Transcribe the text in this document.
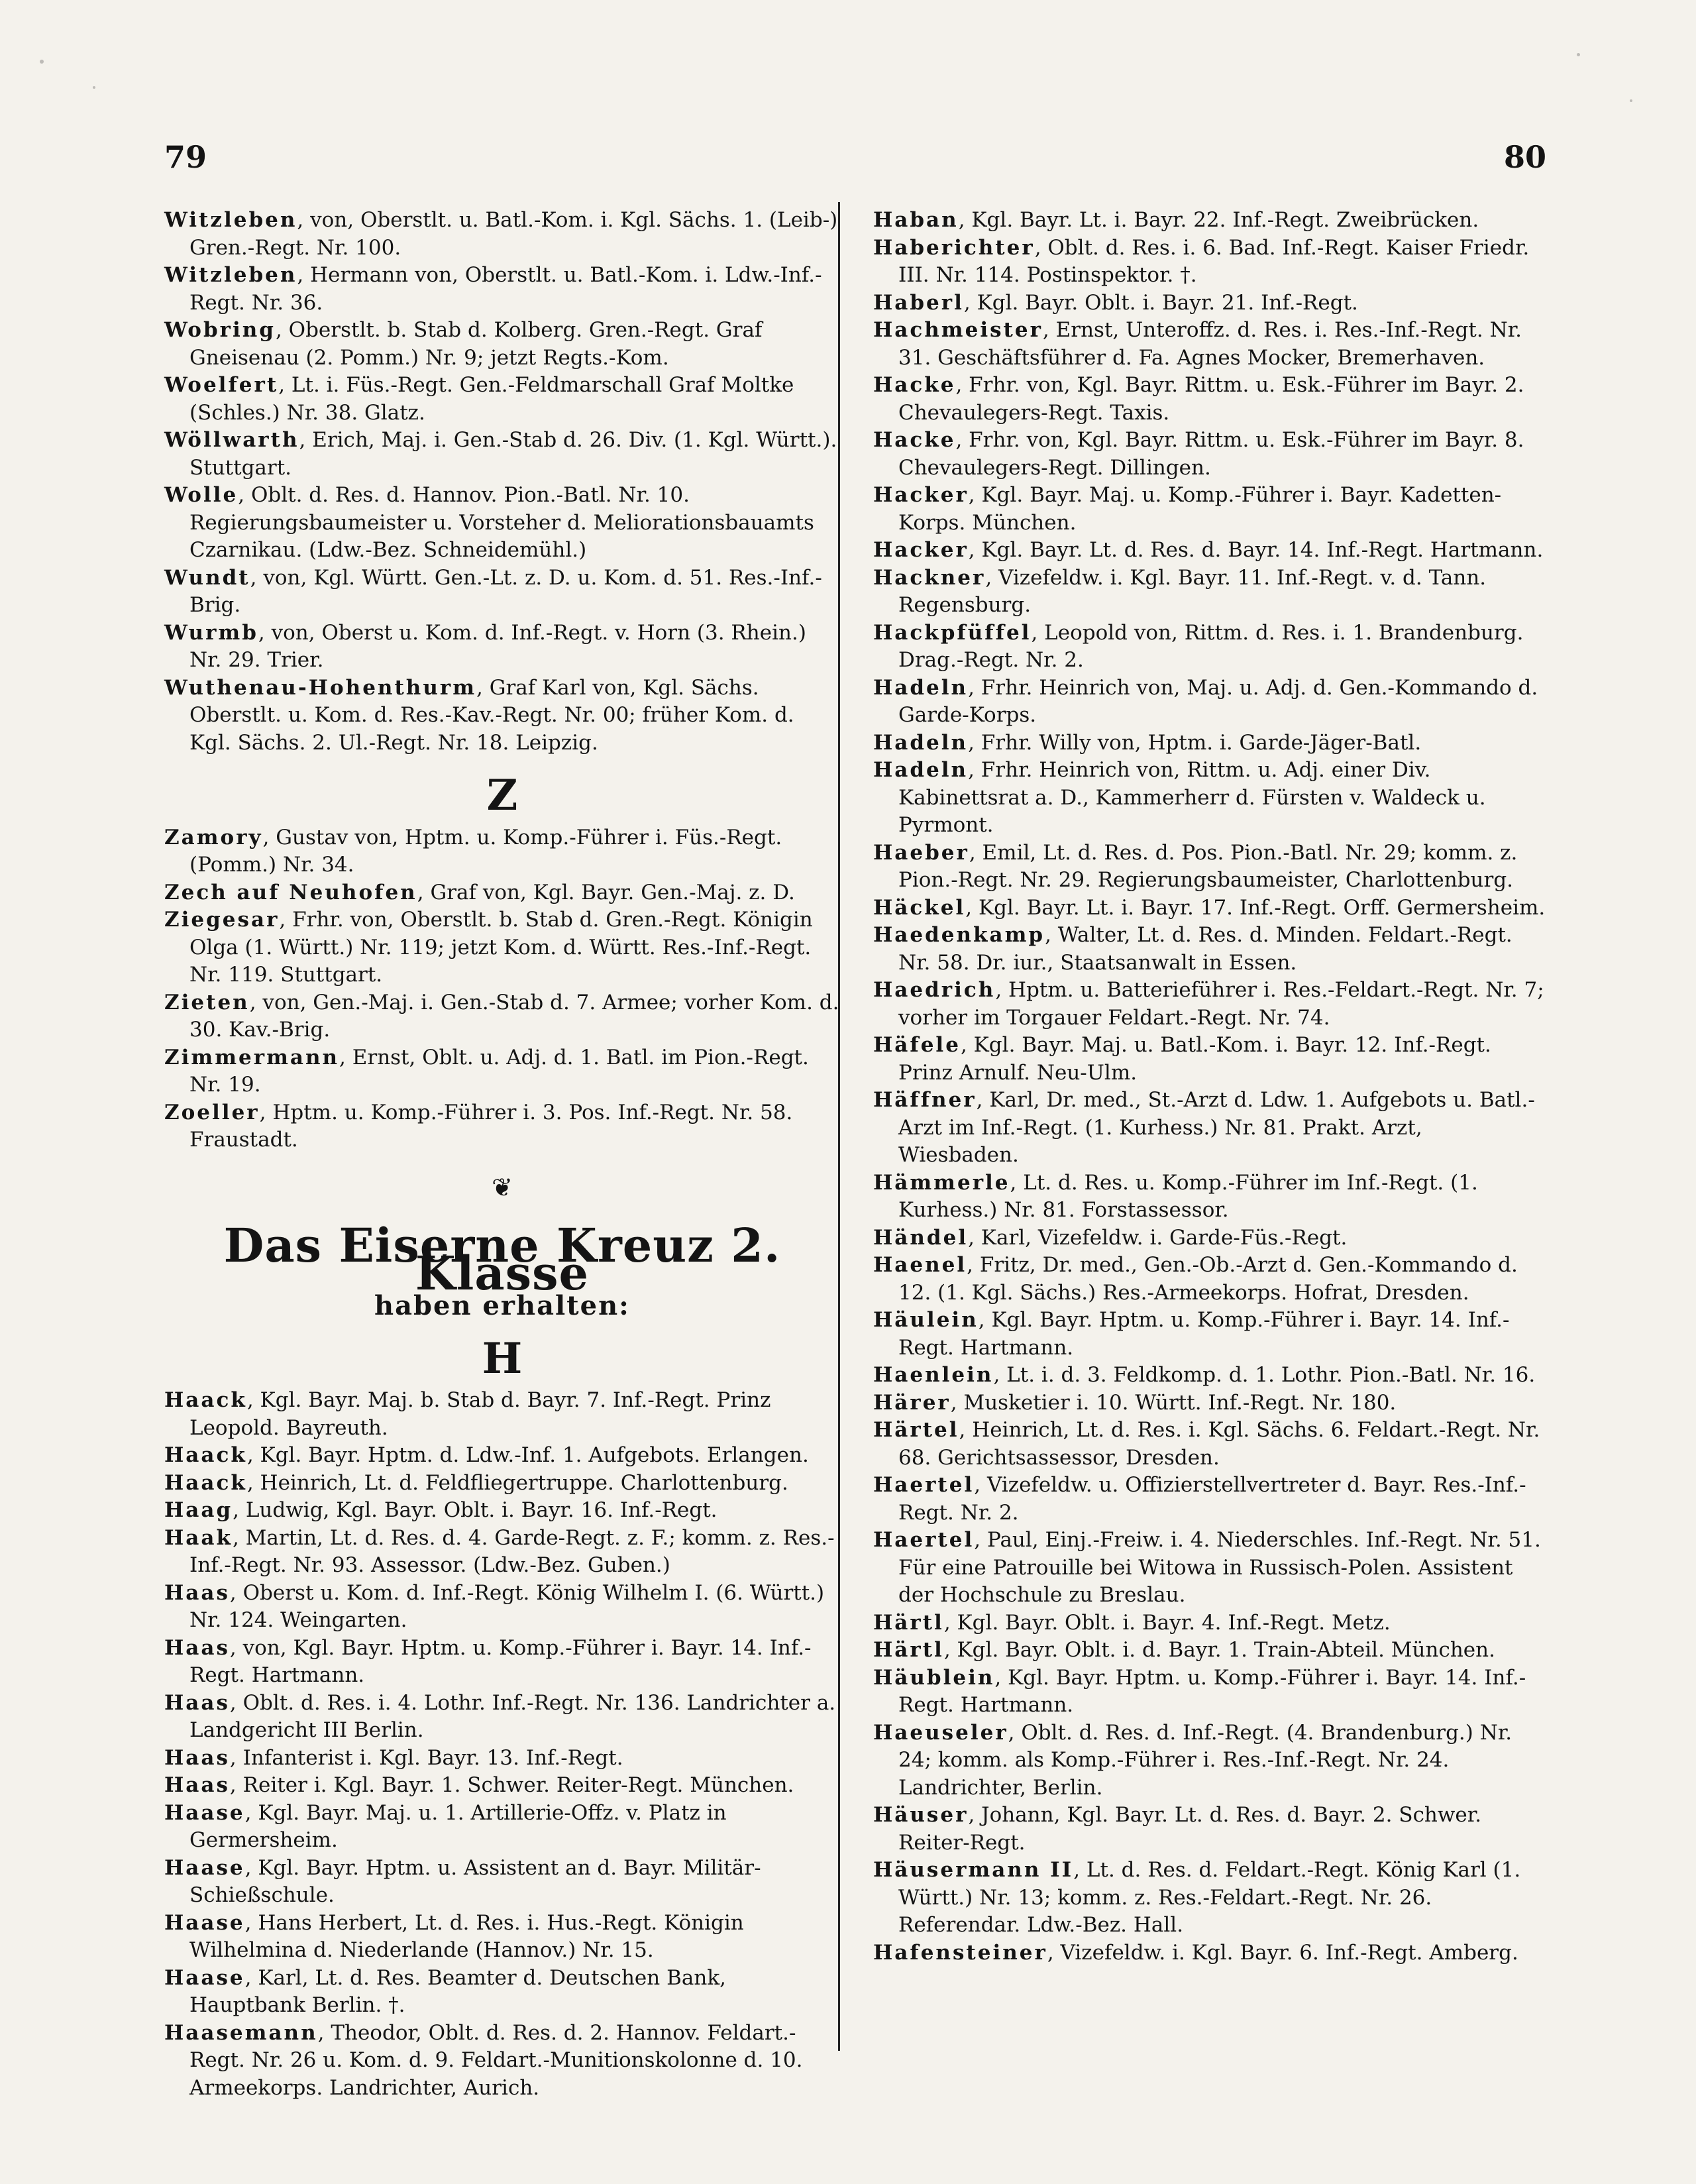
79	80

Witzleben, von, Oberstlt. u. Batl.-Kom. i. Kgl. Sächs. 1. (Leib-) Gren.-Regt. Nr. 100.

Witzleben, Hermann von, Oberstlt. u. Batl.-Kom. i. Ldw.-Inf.-Regt. Nr. 36.

Wobring, Oberstlt. b. Stab d. Kolberg. Gren.-Regt. Graf Gneisenau (2. Pomm.) Nr. 9; jetzt Regts.-Kom.

Woelfert, Lt. i. Füs.-Regt. Gen.-Feldmarschall Graf Moltke (Schles.) Nr. 38. Glatz.

Wöllwarth, Erich, Maj. i. Gen.-Stab d. 26. Div. (1. Kgl. Württ.). Stuttgart.

Wolle, Oblt. d. Res. d. Hannov. Pion.-Batl. Nr. 10. Regierungsbaumeister u. Vorsteher d. Meliorationsbauamts Czarnikau. (Ldw.-Bez. Schneidemühl.)

Wundt, von, Kgl. Württ. Gen.-Lt. z. D. u. Kom. d. 51. Res.-Inf.-Brig.

Wurmb, von, Oberst u. Kom. d. Inf.-Regt. v. Horn (3. Rhein.) Nr. 29. Trier.

Wuthenau-Hohenthurm, Graf Karl von, Kgl. Sächs. Oberstlt. u. Kom. d. Res.-Kav.-Regt. Nr. 00; früher Kom. d. Kgl. Sächs. 2. Ul.-Regt. Nr. 18. Leipzig.

Z

Zamory, Gustav von, Hptm. u. Komp.-Führer i. Füs.-Regt. (Pomm.) Nr. 34.

Zech auf Neuhofen, Graf von, Kgl. Bayr. Gen.-Maj. z. D.

Ziegesar, Frhr. von, Oberstlt. b. Stab d. Gren.-Regt. Königin Olga (1. Württ.) Nr. 119; jetzt Kom. d. Württ. Res.-Inf.-Regt. Nr. 119. Stuttgart.

Zieten, von, Gen.-Maj. i. Gen.-Stab d. 7. Armee; vorher Kom. d. 30. Kav.-Brig.

Zimmermann, Ernst, Oblt. u. Adj. d. 1. Batl. im Pion.-Regt. Nr. 19.

Zoeller, Hptm. u. Komp.-Führer i. 3. Pos. Inf.-Regt. Nr. 58. Fraustadt.

❦
Das Eiserne Kreuz 2. Klasse
haben erhalten:
H

Haack, Kgl. Bayr. Maj. b. Stab d. Bayr. 7. Inf.-Regt. Prinz Leopold. Bayreuth.

Haack, Kgl. Bayr. Hptm. d. Ldw.-Inf. 1. Aufgebots. Erlangen.

Haack, Heinrich, Lt. d. Feldfliegertruppe. Charlottenburg.

Haag, Ludwig, Kgl. Bayr. Oblt. i. Bayr. 16. Inf.-Regt.

Haak, Martin, Lt. d. Res. d. 4. Garde-Regt. z. F.; komm. z. Res.-Inf.-Regt. Nr. 93. Assessor. (Ldw.-Bez. Guben.)

Haas, Oberst u. Kom. d. Inf.-Regt. König Wilhelm I. (6. Württ.) Nr. 124. Weingarten.

Haas, von, Kgl. Bayr. Hptm. u. Komp.-Führer i. Bayr. 14. Inf.-Regt. Hartmann.

Haas, Oblt. d. Res. i. 4. Lothr. Inf.-Regt. Nr. 136. Landrichter a. Landgericht III Berlin.

Haas, Infanterist i. Kgl. Bayr. 13. Inf.-Regt.

Haas, Reiter i. Kgl. Bayr. 1. Schwer. Reiter-Regt. München.

Haase, Kgl. Bayr. Maj. u. 1. Artillerie-Offz. v. Platz in Germersheim.

Haase, Kgl. Bayr. Hptm. u. Assistent an d. Bayr. Militär-Schießschule.

Haase, Hans Herbert, Lt. d. Res. i. Hus.-Regt. Königin Wilhelmina d. Niederlande (Hannov.) Nr. 15.

Haase, Karl, Lt. d. Res. Beamter d. Deutschen Bank, Hauptbank Berlin. †.

Haasemann, Theodor, Oblt. d. Res. d. 2. Hannov. Feldart.-Regt. Nr. 26 u. Kom. d. 9. Feldart.-Munitionskolonne d. 10. Armeekorps. Landrichter, Aurich.

Haban, Kgl. Bayr. Lt. i. Bayr. 22. Inf.-Regt. Zweibrücken.

Haberichter, Oblt. d. Res. i. 6. Bad. Inf.-Regt. Kaiser Friedr. III. Nr. 114. Postinspektor. †.

Haberl, Kgl. Bayr. Oblt. i. Bayr. 21. Inf.-Regt.

Hachmeister, Ernst, Unteroffz. d. Res. i. Res.-Inf.-Regt. Nr. 31. Geschäftsführer d. Fa. Agnes Mocker, Bremerhaven.

Hacke, Frhr. von, Kgl. Bayr. Rittm. u. Esk.-Führer im Bayr. 2. Chevaulegers-Regt. Taxis.

Hacke, Frhr. von, Kgl. Bayr. Rittm. u. Esk.-Führer im Bayr. 8. Chevaulegers-Regt. Dillingen.

Hacker, Kgl. Bayr. Maj. u. Komp.-Führer i. Bayr. Kadetten-Korps. München.

Hacker, Kgl. Bayr. Lt. d. Res. d. Bayr. 14. Inf.-Regt. Hartmann.

Hackner, Vizefeldw. i. Kgl. Bayr. 11. Inf.-Regt. v. d. Tann. Regensburg.

Hackpfüffel, Leopold von, Rittm. d. Res. i. 1. Brandenburg. Drag.-Regt. Nr. 2.

Hadeln, Frhr. Heinrich von, Maj. u. Adj. d. Gen.-Kommando d. Garde-Korps.

Hadeln, Frhr. Willy von, Hptm. i. Garde-Jäger-Batl.

Hadeln, Frhr. Heinrich von, Rittm. u. Adj. einer Div. Kabinettsrat a. D., Kammerherr d. Fürsten v. Waldeck u. Pyrmont.

Haeber, Emil, Lt. d. Res. d. Pos. Pion.-Batl. Nr. 29; komm. z. Pion.-Regt. Nr. 29. Regierungsbaumeister, Charlottenburg.

Häckel, Kgl. Bayr. Lt. i. Bayr. 17. Inf.-Regt. Orff. Germersheim.

Haedenkamp, Walter, Lt. d. Res. d. Minden. Feldart.-Regt. Nr. 58. Dr. iur., Staatsanwalt in Essen.

Haedrich, Hptm. u. Batterieführer i. Res.-Feldart.-Regt. Nr. 7; vorher im Torgauer Feldart.-Regt. Nr. 74.

Häfele, Kgl. Bayr. Maj. u. Batl.-Kom. i. Bayr. 12. Inf.-Regt. Prinz Arnulf. Neu-Ulm.

Häffner, Karl, Dr. med., St.-Arzt d. Ldw. 1. Aufgebots u. Batl.-Arzt im Inf.-Regt. (1. Kurhess.) Nr. 81. Prakt. Arzt, Wiesbaden.

Hämmerle, Lt. d. Res. u. Komp.-Führer im Inf.-Regt. (1. Kurhess.) Nr. 81. Forstassessor.

Händel, Karl, Vizefeldw. i. Garde-Füs.-Regt.

Haenel, Fritz, Dr. med., Gen.-Ob.-Arzt d. Gen.-Kommando d. 12. (1. Kgl. Sächs.) Res.-Armeekorps. Hofrat, Dresden.

Häulein, Kgl. Bayr. Hptm. u. Komp.-Führer i. Bayr. 14. Inf.-Regt. Hartmann.

Haenlein, Lt. i. d. 3. Feldkomp. d. 1. Lothr. Pion.-Batl. Nr. 16.

Härer, Musketier i. 10. Württ. Inf.-Regt. Nr. 180.

Härtel, Heinrich, Lt. d. Res. i. Kgl. Sächs. 6. Feldart.-Regt. Nr. 68. Gerichtsassessor, Dresden.

Haertel, Vizefeldw. u. Offizierstellvertreter d. Bayr. Res.-Inf.-Regt. Nr. 2.

Haertel, Paul, Einj.-Freiw. i. 4. Niederschles. Inf.-Regt. Nr. 51. Für eine Patrouille bei Witowa in Russisch-Polen. Assistent der Hochschule zu Breslau.

Härtl, Kgl. Bayr. Oblt. i. Bayr. 4. Inf.-Regt. Metz.

Härtl, Kgl. Bayr. Oblt. i. d. Bayr. 1. Train-Abteil. München.

Häublein, Kgl. Bayr. Hptm. u. Komp.-Führer i. Bayr. 14. Inf.-Regt. Hartmann.

Haeuseler, Oblt. d. Res. d. Inf.-Regt. (4. Brandenburg.) Nr. 24; komm. als Komp.-Führer i. Res.-Inf.-Regt. Nr. 24. Landrichter, Berlin.

Häuser, Johann, Kgl. Bayr. Lt. d. Res. d. Bayr. 2. Schwer. Reiter-Regt.

Häusermann II, Lt. d. Res. d. Feldart.-Regt. König Karl (1. Württ.) Nr. 13; komm. z. Res.-Feldart.-Regt. Nr. 26. Referendar. Ldw.-Bez. Hall.

Hafensteiner, Vizefeldw. i. Kgl. Bayr. 6. Inf.-Regt. Amberg.
